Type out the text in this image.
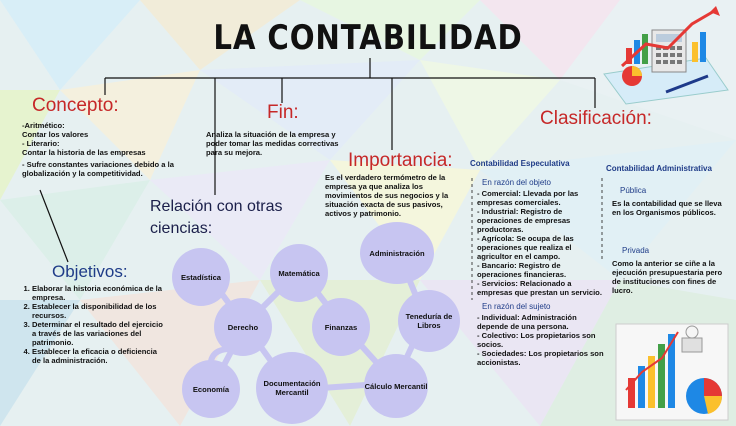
LA CONTABILIDAD
Concepto:
-Aritmético:
Contar los valores
- Literario:
Contar la historia de las empresas
- Sufre constantes variaciones debido a la globalización y la competitividad.
Fin:
Analiza la situación de la empresa y poder tomar las medidas correctivas para su mejora.	Importancia:
Es el verdadero termómetro de la empresa ya que analiza los movimientos de sus negocios y la situación exacta de sus pasivos, activos y patrimonio.
Clasificación:
Contabilidad Especulativa
En razón del objeto
- Comercial: Llevada por las empresas comerciales.
- Industrial: Registro de operaciones de empresas productoras.
- Agrícola: Se ocupa de las operaciones que realiza el agricultor en el campo.
- Bancario: Registro de operaciones financieras.
- Servicios: Relacionado a empresas que prestan un servicio.
En razón del sujeto
- Individual: Administración depende de una persona.
- Colectivo: Los propietarios son socios.
- Sociedades: Los propietarios son accionistas.
Contabilidad Administrativa
Pública
Es la contabilidad que se lleva en los Organismos públicos.
Privada
Como la anterior se ciñe a la ejecución presupuestaria pero de instituciones con fines de lucro.
Objetivos:
1. Elaborar la historia económica de la empresa.
2. Establecer la disponibilidad de los recursos.
3. Determinar el resultado del ejercicio a través de las variaciones del patrimonio.
4. Establecer la eficacia o deficiencia de la administración.
Relación con otras ciencias:
Estadística	Matemática
Administración
Derecho	Finanzas
Teneduría de Libros
Economía
Documentación Mercantil
Cálculo Mercantil
